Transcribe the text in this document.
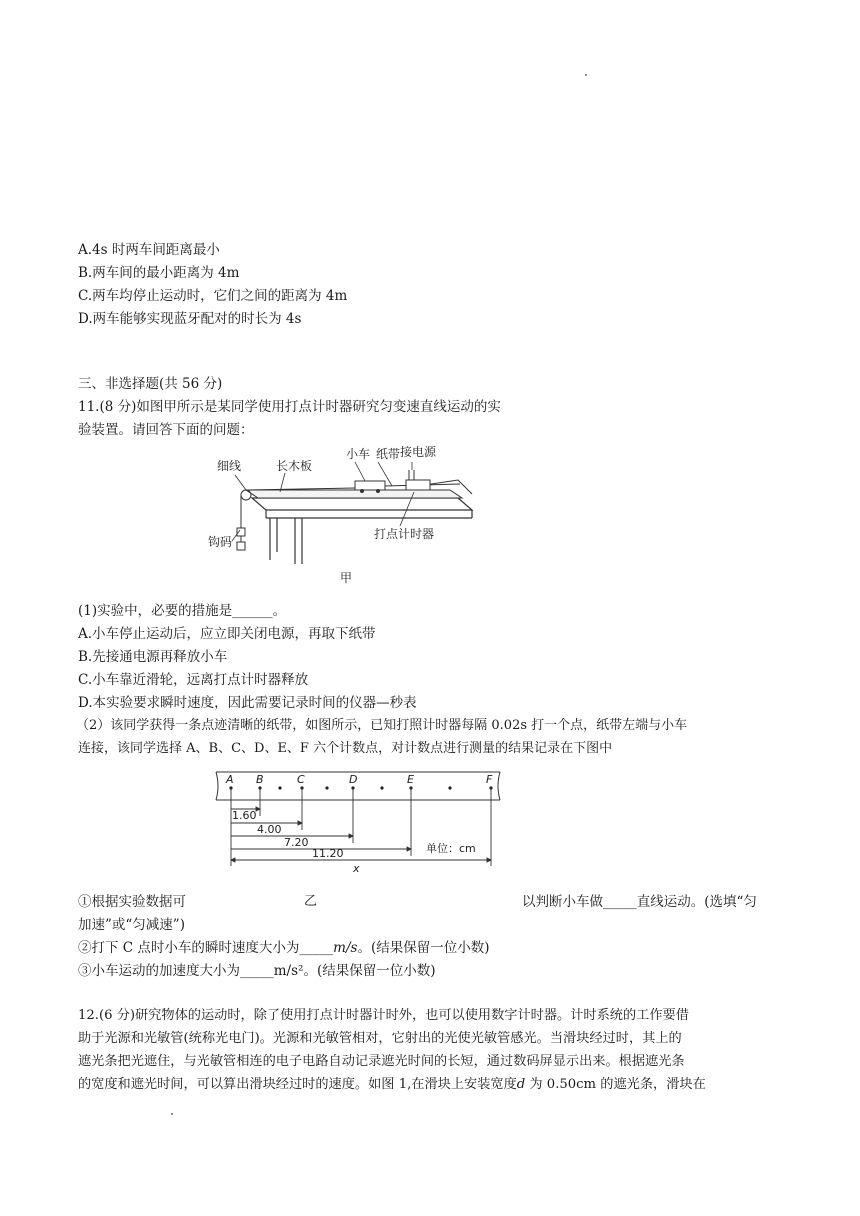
A.4s 时两车间距离最小
B.两车间的最小距离为 4m
C.两车均停止运动时，它们之间的距离为 4m
D.两车能够实现蓝牙配对的时长为 4s
三、非选择题(共 56 分)
11.(8 分)如图甲所示是某同学使用打点计时器研究匀变速直线运动的实
验装置。请回答下面的问题：
细线	长木板
小车 纸带 接电源
钩码
打点计时器
甲
(1)实验中，必要的措施是______。
A.小车停止运动后，应立即关闭电源，再取下纸带
B.先接通电源再释放小车
C.小车靠近滑轮，远离打点计时器释放
D.本实验要求瞬时速度，因此需要记录时间的仪器—秒表
（2）该同学获得一条点迹清晰的纸带，如图所示，已知打照计时器每隔 0.02s 打一个点，纸带左端与小车
连接，该同学选择 A、B、C、D、E、F 六个计数点，对计数点进行测量的结果记录在下图中
A B	C	D	E	F
1.60
4.00
7.20
11.20	单位：cm
x
①根据实验数据可	乙	以判断小车做_____直线运动。(选填“匀
加速”或“匀减速”)
②打下 C 点时小车的瞬时速度大小为_____m/s。(结果保留一位小数)
③小车运动的加速度大小为_____m/s²。(结果保留一位小数)
12.(6 分)研究物体的运动时，除了使用打点计时器计时外，也可以使用数字计时器。计时系统的工作要借
助于光源和光敏管(统称光电门)。光源和光敏管相对，它射出的光使光敏管感光。当滑块经过时，其上的
遮光条把光遮住，与光敏管相连的电子电路自动记录遮光时间的长短，通过数码屏显示出来。根据遮光条
的宽度和遮光时间，可以算出滑块经过时的速度。如图 1,在滑块上安装宽度d 为 0.50cm 的遮光条，滑块在
